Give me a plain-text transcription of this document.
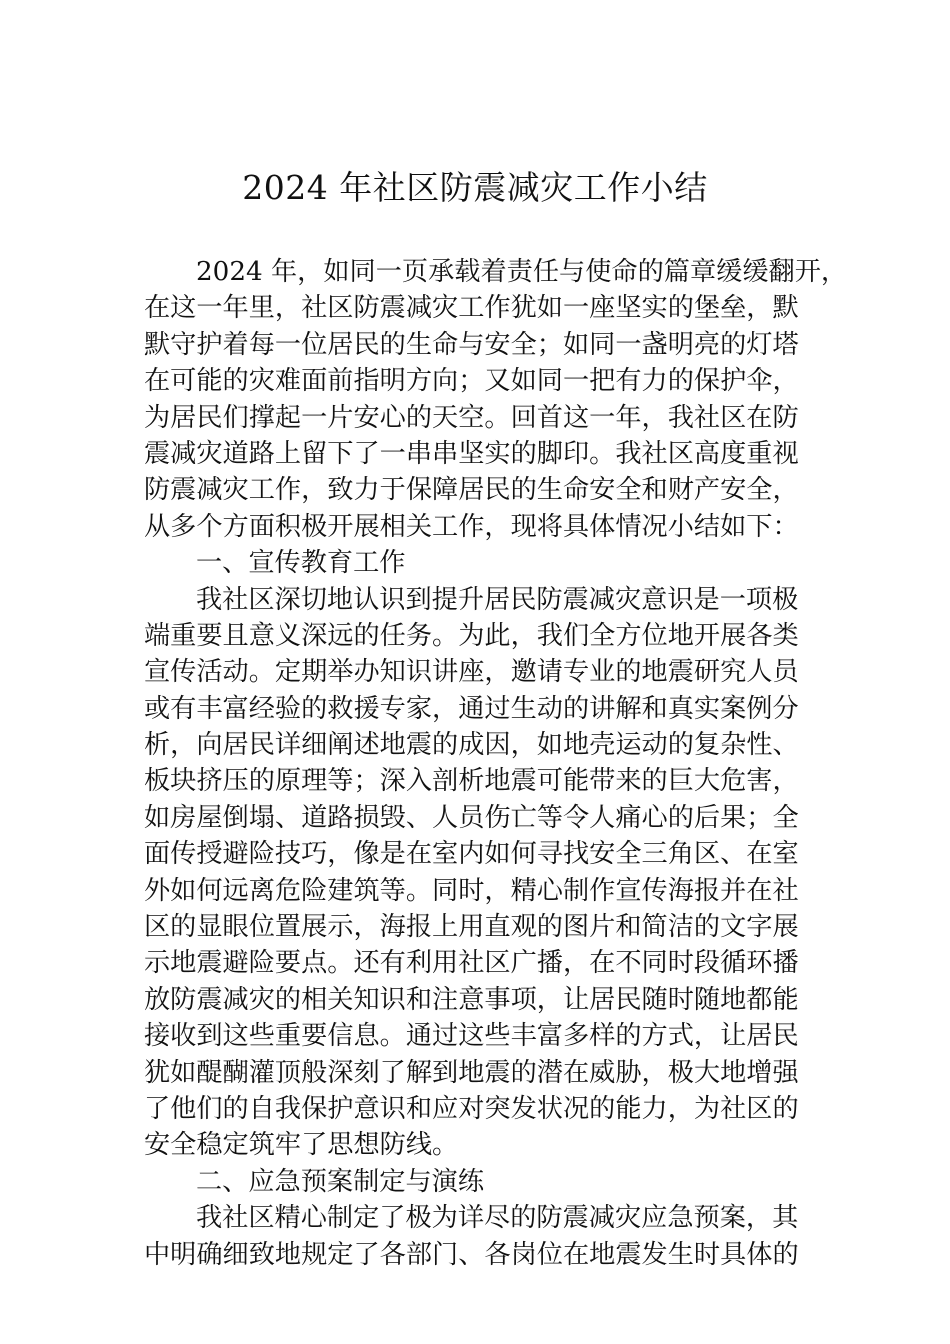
2024 年社区防震减灾工作小结
2024 年，如同一页承载着责任与使命的篇章缓缓翻开，
在这一年里，社区防震减灾工作犹如一座坚实的堡垒，默
默守护着每一位居民的生命与安全；如同一盏明亮的灯塔
在可能的灾难面前指明方向；又如同一把有力的保护伞，
为居民们撑起一片安心的天空。回首这一年，我社区在防
震减灾道路上留下了一串串坚实的脚印。我社区高度重视
防震减灾工作，致力于保障居民的生命安全和财产安全，
从多个方面积极开展相关工作，现将具体情况小结如下：
一、宣传教育工作
我社区深切地认识到提升居民防震减灾意识是一项极
端重要且意义深远的任务。为此，我们全方位地开展各类
宣传活动。定期举办知识讲座，邀请专业的地震研究人员
或有丰富经验的救援专家，通过生动的讲解和真实案例分
析，向居民详细阐述地震的成因，如地壳运动的复杂性、
板块挤压的原理等；深入剖析地震可能带来的巨大危害，
如房屋倒塌、道路损毁、人员伤亡等令人痛心的后果；全
面传授避险技巧，像是在室内如何寻找安全三角区、在室
外如何远离危险建筑等。同时，精心制作宣传海报并在社
区的显眼位置展示，海报上用直观的图片和简洁的文字展
示地震避险要点。还有利用社区广播，在不同时段循环播
放防震减灾的相关知识和注意事项，让居民随时随地都能
接收到这些重要信息。通过这些丰富多样的方式，让居民
犹如醍醐灌顶般深刻了解到地震的潜在威胁，极大地增强
了他们的自我保护意识和应对突发状况的能力，为社区的
安全稳定筑牢了思想防线。
二、应急预案制定与演练
我社区精心制定了极为详尽的防震减灾应急预案，其
中明确细致地规定了各部门、各岗位在地震发生时具体的
